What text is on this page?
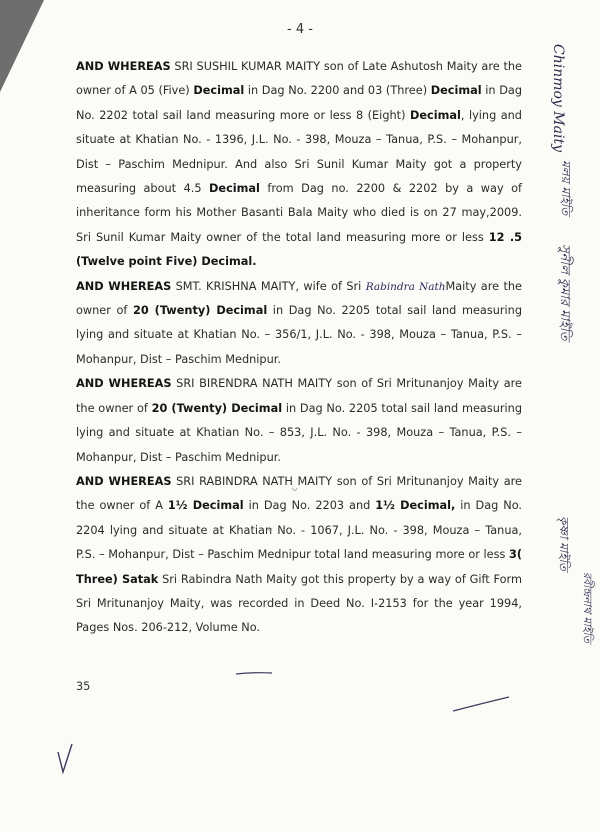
- 4 -

AND WHEREAS SRI SUSHIL KUMAR MAITY son of Late Ashutosh Maity are the owner of A 05 (Five) Decimal in Dag No. 2200 and 03 (Three) Decimal in Dag No. 2202 total sail land measuring more or less 8 (Eight) Decimal, lying and situate at Khatian No. - 1396, J.L. No. - 398, Mouza – Tanua, P.S. – Mohanpur, Dist – Paschim Mednipur. And also Sri Sunil Kumar Maity got a property measuring about 4.5 Decimal from Dag no. 2200 & 2202 by a way of inheritance form his Mother Basanti Bala Maity who died is on 27 may,2009. Sri Sunil Kumar Maity owner of the total land measuring more or less 12 .5 (Twelve point Five) Decimal.

AND WHEREAS SMT. KRISHNA MAITY, wife of Sri Rabindra NathMaity are the owner of 20 (Twenty) Decimal in Dag No. 2205 total sail land measuring lying and situate at Khatian No. – 356/1, J.L. No. - 398, Mouza – Tanua, P.S. – Mohanpur, Dist – Paschim Mednipur.

AND WHEREAS SRI BIRENDRA NATH MAITY son of Sri Mritunanjoy Maity are the owner of 20 (Twenty) Decimal in Dag No. 2205 total sail land measuring lying and situate at Khatian No. – 853, J.L. No. - 398, Mouza – Tanua, P.S. – Mohanpur, Dist – Paschim Mednipur.

AND WHEREAS SRI RABINDRA NATH MAITY son of Sri Mritunanjoy Maity are the owner of A 1½ Decimal in Dag No. 2203 and 1½ Decimal, in Dag No. 2204 lying and situate at Khatian No. - 1067, J.L. No. - 398, Mouza – Tanua, P.S. – Mohanpur, Dist – Paschim Mednipur total land measuring more or less 3( Three) Satak Sri Rabindra Nath Maity got this property by a way of Gift Form Sri Mritunanjoy Maity, was recorded in Deed No. I-2153 for the year 1994, Pages Nos. 206-212, Volume No.

35
Chinmoy Maity
মলয় মাইতি
সুনীল কুমার মাইতি
কৃষ্ণা মাইতি
রবীন্দ্রনাথ মাইতি
